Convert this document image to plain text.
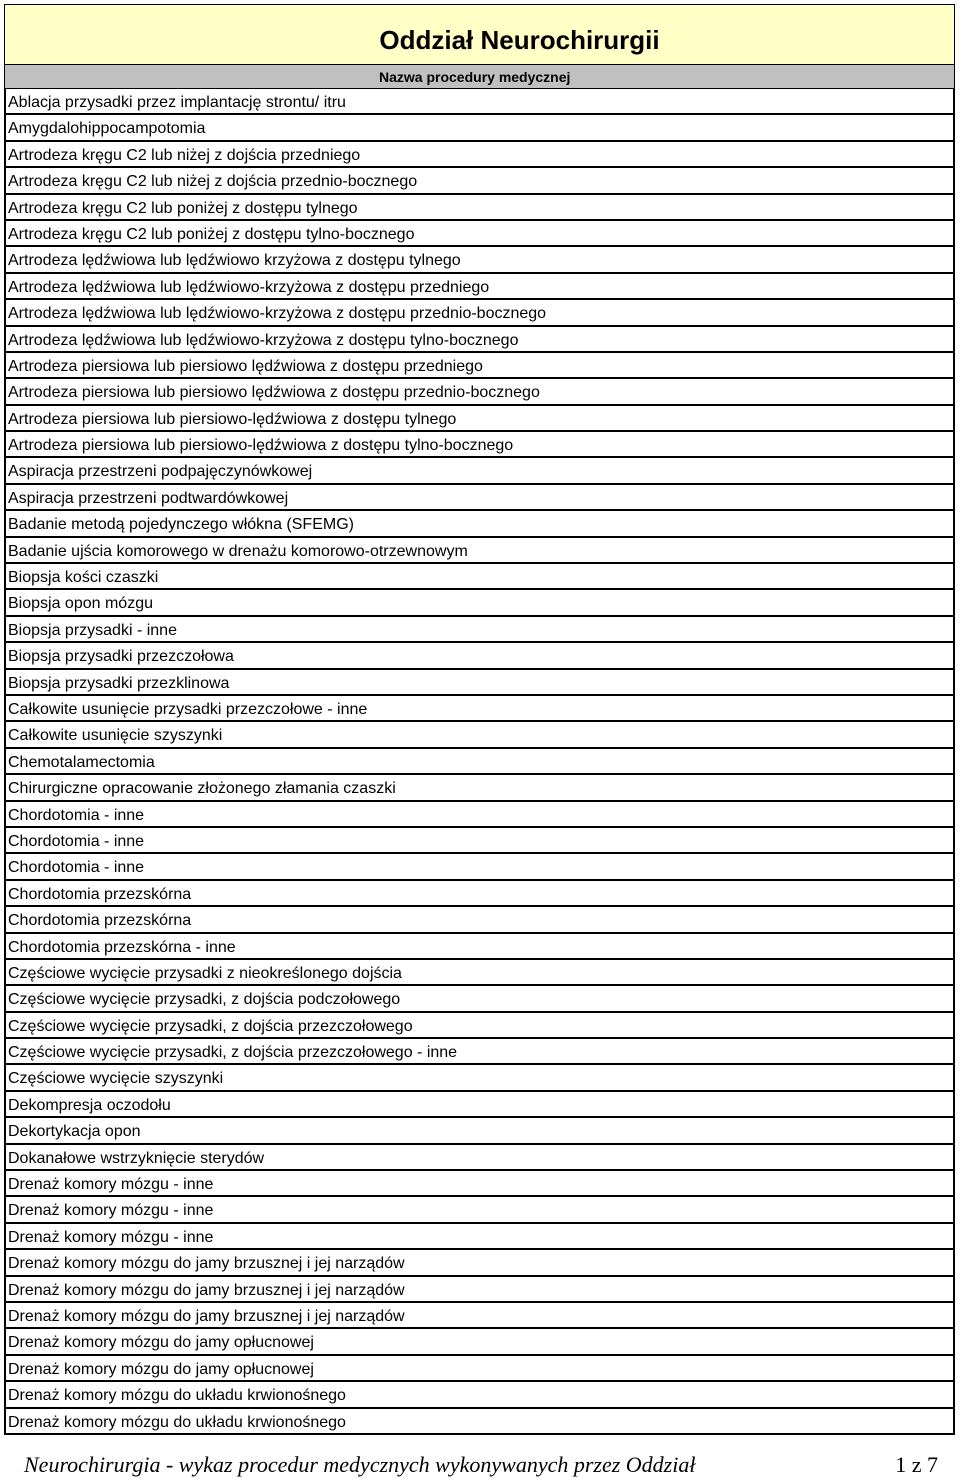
Oddział Neurochirurgii
Nazwa procedury medycznej
Ablacja przysadki przez implantację strontu/ itru
Amygdalohippocampotomia
Artrodeza kręgu C2 lub niżej z dojścia przedniego
Artrodeza kręgu C2 lub niżej z dojścia przednio-bocznego
Artrodeza kręgu C2 lub poniżej z dostępu tylnego
Artrodeza kręgu C2 lub poniżej z dostępu tylno-bocznego
Artrodeza lędźwiowa lub lędźwiowo krzyżowa z dostępu tylnego
Artrodeza lędźwiowa lub lędźwiowo-krzyżowa z dostępu przedniego
Artrodeza lędźwiowa lub lędźwiowo-krzyżowa z dostępu przednio-bocznego
Artrodeza lędźwiowa lub lędźwiowo-krzyżowa z dostępu tylno-bocznego
Artrodeza piersiowa lub piersiowo lędźwiowa z dostępu przedniego
Artrodeza piersiowa lub piersiowo lędźwiowa z dostępu przednio-bocznego
Artrodeza piersiowa lub piersiowo-lędźwiowa z dostępu tylnego
Artrodeza piersiowa lub piersiowo-lędźwiowa z dostępu tylno-bocznego
Aspiracja przestrzeni podpajęczynówkowej
Aspiracja przestrzeni podtwardówkowej
Badanie metodą pojedynczego włókna (SFEMG)
Badanie ujścia komorowego w drenażu komorowo-otrzewnowym
Biopsja kości czaszki
Biopsja opon mózgu
Biopsja przysadki - inne
Biopsja przysadki przezczołowa
Biopsja przysadki przezklinowa
Całkowite usunięcie przysadki przezczołowe - inne
Całkowite usunięcie szyszynki
Chemotalamectomia
Chirurgiczne opracowanie złożonego złamania czaszki
Chordotomia - inne
Chordotomia - inne
Chordotomia - inne
Chordotomia przezskórna
Chordotomia przezskórna
Chordotomia przezskórna - inne
Częściowe wycięcie przysadki z nieokreślonego dojścia
Częściowe wycięcie przysadki, z dojścia podczołowego
Częściowe wycięcie przysadki, z dojścia przezczołowego
Częściowe wycięcie przysadki, z dojścia przezczołowego - inne
Częściowe wycięcie szyszynki
Dekompresja oczodołu
Dekortykacja opon
Dokanałowe wstrzyknięcie sterydów
Drenaż komory mózgu - inne
Drenaż komory mózgu - inne
Drenaż komory mózgu - inne
Drenaż komory mózgu do jamy brzusznej i jej narządów
Drenaż komory mózgu do jamy brzusznej i jej narządów
Drenaż komory mózgu do jamy brzusznej i jej narządów
Drenaż komory mózgu do jamy opłucnowej
Drenaż komory mózgu do jamy opłucnowej
Drenaż komory mózgu do układu krwionośnego
Drenaż komory mózgu do układu krwionośnego
Neurochirurgia - wykaz procedur medycznych wykonywanych przez Oddział	1 z 7
